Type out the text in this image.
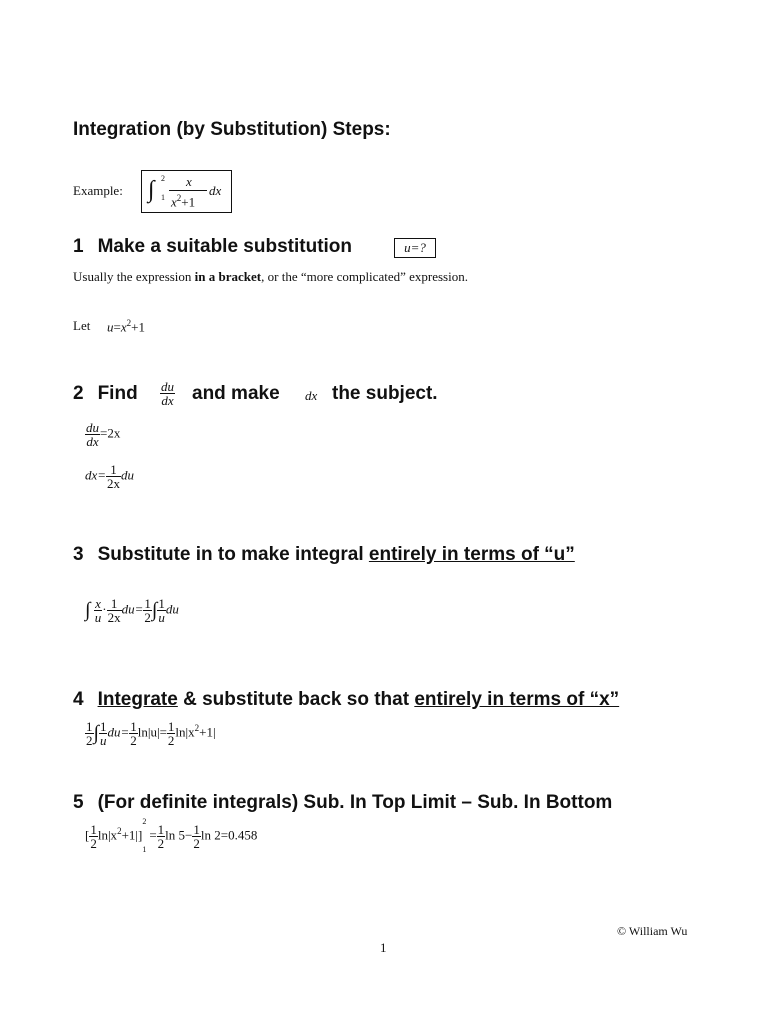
Integration (by Substitution) Steps:
Example: ∫ 2
1
x
$x^2+1$
dx
1 Make a suitable substitution	u=?
Usually the expression in a bracket, or the “more complicated” expression.
Let $u=x^2+1$
2 Find $\frac{du}{dx}$ and make dx the subject.
$\frac{du}{dx} =2x$
$dx= \frac{1}{2x}$ du
3 Substitute in to make integral entirely in terms of “u”
∫ $\frac{x}{u} \cdot \frac{1}{2x} du= \frac{1}{2}$ ∫ $\frac{1}{u}$ du
4 Integrate & substitute back so that entirely in terms of “x”
$\frac{1}{2}$ ∫ $\frac{1}{u} du= \frac{1}{2} \ln|u|= \frac{1}{2} \ln|x^2+1|$
5 (For definite integrals) Sub. In Top Limit – Sub. In Bottom
[ $\frac{1}{2} \ln|x^2+1|$]
2
1
= $\frac{1}{2}$ $\ln 5- \frac{1}{2}$ ln 2=0.458
© William Wu
1
